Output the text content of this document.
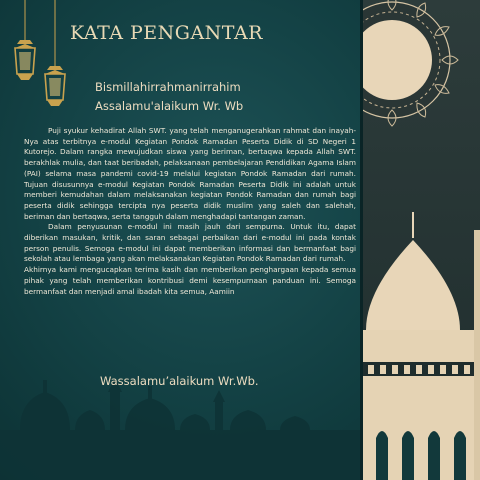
KATA PENGANTAR
Bismillahirrahmanirrahim
Assalamu'alaikum Wr. Wb

Puji syukur kehadirat Allah SWT. yang telah menganugerahkan rahmat dan inayah-Nya atas terbitnya e-modul Kegiatan Pondok Ramadan Peserta Didik di SD Negeri 1 Kutorejo. Dalam rangka mewujudkan siswa yang beriman, bertaqwa kepada Allah SWT. berakhlak mulia, dan taat beribadah, pelaksanaan pembelajaran Pendidikan Agama Islam (PAI) selama masa pandemi covid-19 melalui kegiatan Pondok Ramadan dari rumah. Tujuan disusunnya e-modul Kegiatan Pondok Ramadan Peserta Didik ini adalah untuk memberi kemudahan dalam melaksanakan kegiatan Pondok Ramadan dan rumah bagi peserta didik sehingga tercipta nya peserta didik muslim yang saleh dan salehah, beriman dan bertaqwa, serta tangguh dalam menghadapi tantangan zaman.

Dalam penyusunan e-modul ini masih jauh dari sempurna. Untuk itu, dapat diberikan masukan, kritik, dan saran sebagai perbaikan dari e-modul ini pada kontak person penulis. Semoga e-modul ini dapat memberikan informasi dan bermanfaat bagi sekolah atau lembaga yang akan melaksanakan Kegiatan Pondok Ramadan dari rumah.

Akhirnya kami mengucapkan terima kasih dan memberikan penghargaan kepada semua pihak yang telah memberikan kontribusi demi kesempurnaan panduan ini. Semoga bermanfaat dan menjadi amal ibadah kita semua, Aamiin

Wassalamu’alaikum Wr.Wb.
